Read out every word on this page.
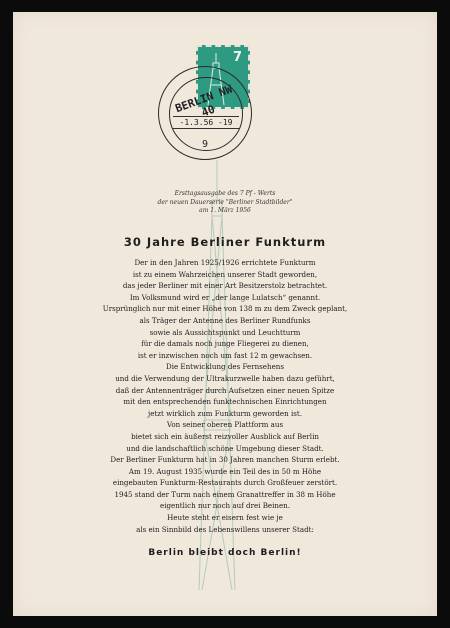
7
BERLIN NW 40
-1.3.56 -19
9
Ersttagsausgabe des 7 Pf - Werts
der neuen Dauerserie "Berliner Stadtbilder"
am 1. März 1956
30 Jahre Berliner Funkturm
Der in den Jahren 1925/1926 errichtete Funkturm
ist zu einem Wahrzeichen unserer Stadt geworden,
das jeder Berliner mit einer Art Besitzerstolz betrachtet.
Im Volksmund wird er „der lange Lulatsch“ genannt.
Ursprünglich nur mit einer Höhe von 138 m zu dem Zweck geplant,
als Träger der Antenne des Berliner Rundfunks
sowie als Aussichtspunkt und Leuchtturm
für die damals noch junge Fliegerei zu dienen,
ist er inzwischen noch um fast 12 m gewachsen.
Die Entwicklung des Fernsehens
und die Verwendung der Ultrakurzwelle haben dazu geführt,
daß der Antennenträger durch Aufsetzen einer neuen Spitze
mit den entsprechenden funktechnischen Einrichtungen
jetzt wirklich zum Funkturm geworden ist.
Von seiner oberen Plattform aus
bietet sich ein äußerst reizvoller Ausblick auf Berlin
und die landschaftlich schöne Umgebung dieser Stadt.
Der Berliner Funkturm hat in 30 Jahren manchen Sturm erlebt.
Am 19. August 1935 wurde ein Teil des in 50 m Höhe
eingebauten Funkturm-Restaurants durch Großfeuer zerstört.
1945 stand der Turm nach einem Granattreffer in 38 m Höhe
eigentlich nur noch auf drei Beinen.
Heute steht er eisern fest wie je
als ein Sinnbild des Lebenswillens unserer Stadt:
Berlin bleibt doch Berlin!
